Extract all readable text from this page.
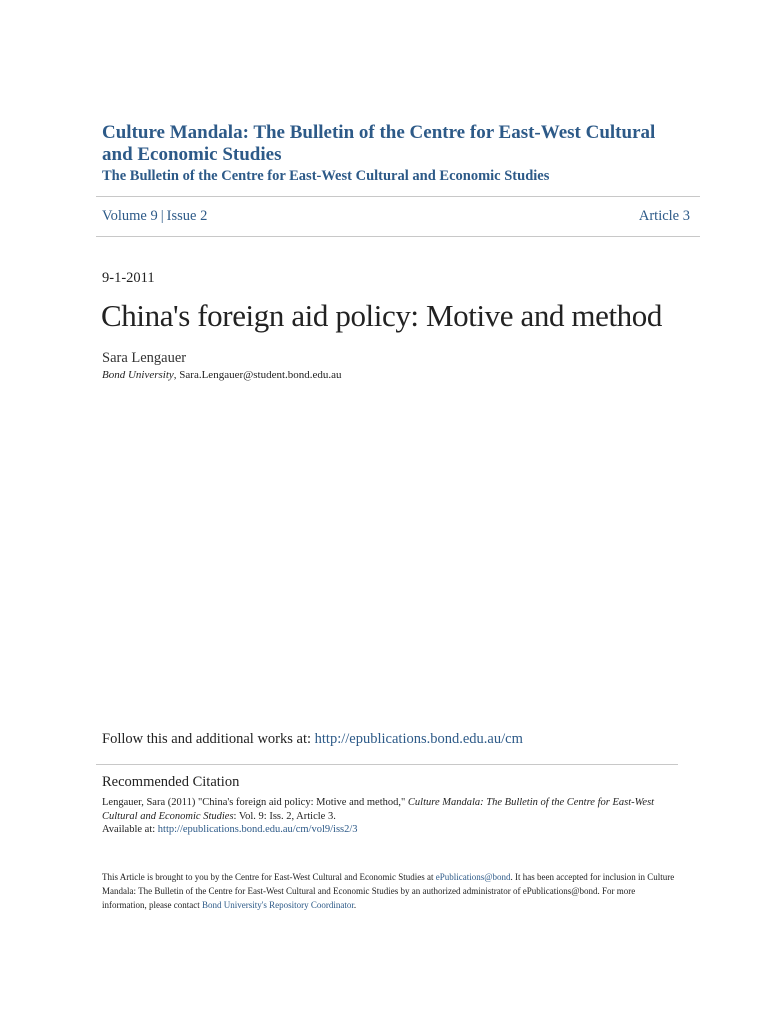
Culture Mandala: The Bulletin of the Centre for East-West Cultural and Economic Studies
The Bulletin of the Centre for East-West Cultural and Economic Studies
Volume 9 | Issue 2	Article 3
9-1-2011
China's foreign aid policy: Motive and method
Sara Lengauer
Bond University, Sara.Lengauer@student.bond.edu.au
Follow this and additional works at: http://epublications.bond.edu.au/cm
Recommended Citation
Lengauer, Sara (2011) "China's foreign aid policy: Motive and method," Culture Mandala: The Bulletin of the Centre for East-West Cultural and Economic Studies: Vol. 9: Iss. 2, Article 3.
Available at: http://epublications.bond.edu.au/cm/vol9/iss2/3
This Article is brought to you by the Centre for East-West Cultural and Economic Studies at ePublications@bond. It has been accepted for inclusion in Culture Mandala: The Bulletin of the Centre for East-West Cultural and Economic Studies by an authorized administrator of ePublications@bond. For more information, please contact Bond University's Repository Coordinator.
